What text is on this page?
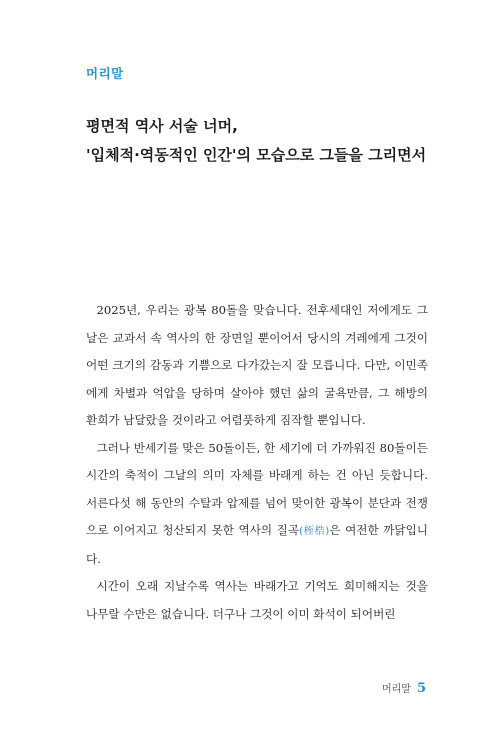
머리말
평면적 역사 서술 너머,
'입체적·역동적인 인간'의 모습으로 그들을 그리면서

2025년, 우리는 광복 80돌을 맞습니다. 전후세대인 저에게도 그날은 교과서 속 역사의 한 장면일 뿐이어서 당시의 겨레에게 그것이 어떤 크기의 감동과 기쁨으로 다가갔는지 잘 모릅니다. 다만, 이민족에게 차별과 억압을 당하며 살아야 했던 삶의 굴욕만큼, 그 해방의 환희가 남달랐을 것이라고 어렴풋하게 짐작할 뿐입니다.

그러나 반세기를 맞은 50돌이든, 한 세기에 더 가까워진 80돌이든 시간의 축적이 그날의 의미 자체를 바래게 하는 건 아닌 듯합니다. 서른다섯 해 동안의 수탈과 압제를 넘어 맞이한 광복이 분단과 전쟁으로 이어지고 청산되지 못한 역사의 질곡(桎梏)은 여전한 까닭입니다.

시간이 오래 지날수록 역사는 바래가고 기억도 희미해지는 것을 나무랄 수만은 없습니다. 더구나 그것이 이미 화석이 되어버린

머리말 5
